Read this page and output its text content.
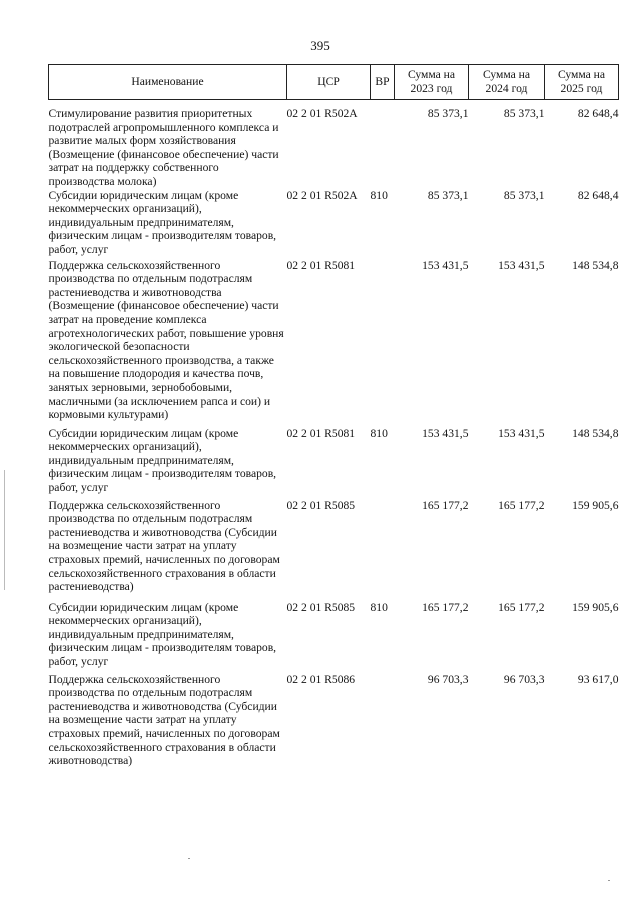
395
Наименование	ЦСР	ВР	Сумма на 2023 год	Сумма на 2024 год	Сумма на 2025 год
Стимулирование развития приоритетных подотраслей агропромышленного комплекса и развитие малых форм хозяйствования (Возмещение (финансовое обеспечение) части затрат на поддержку собственного производства молока)	02 2 01 R502A		85 373,1	85 373,1	82 648,4
Субсидии юридическим лицам (кроме некоммерческих организаций), индивидуальным предпринимателям, физическим лицам - производителям товаров, работ, услуг	02 2 01 R502A	810	85 373,1	85 373,1	82 648,4
Поддержка сельскохозяйственного производства по отдельным подотраслям растениеводства и животноводства (Возмещение (финансовое обеспечение) части затрат на проведение комплекса агротехнологических работ, повышение уровня экологической безопасности сельскохозяйственного производства, а также на повышение плодородия и качества почв, занятых зерновыми, зернобобовыми, масличными (за исключением рапса и сои) и кормовыми культурами)	02 2 01 R5081		153 431,5	153 431,5	148 534,8
Субсидии юридическим лицам (кроме некоммерческих организаций), индивидуальным предпринимателям, физическим лицам - производителям товаров, работ, услуг	02 2 01 R5081	810	153 431,5	153 431,5	148 534,8
Поддержка сельскохозяйственного производства по отдельным подотраслям растениеводства и животноводства (Субсидии на возмещение части затрат на уплату страховых премий, начисленных по договорам сельскохозяйственного страхования в области растениеводства)	02 2 01 R5085		165 177,2	165 177,2	159 905,6
Субсидии юридическим лицам (кроме некоммерческих организаций), индивидуальным предпринимателям, физическим лицам - производителям товаров, работ, услуг	02 2 01 R5085	810	165 177,2	165 177,2	159 905,6
Поддержка сельскохозяйственного производства по отдельным подотраслям растениеводства и животноводства (Субсидии на возмещение части затрат на уплату страховых премий, начисленных по договорам сельскохозяйственного страхования в области животноводства)	02 2 01 R5086		96 703,3	96 703,3	93 617,0
